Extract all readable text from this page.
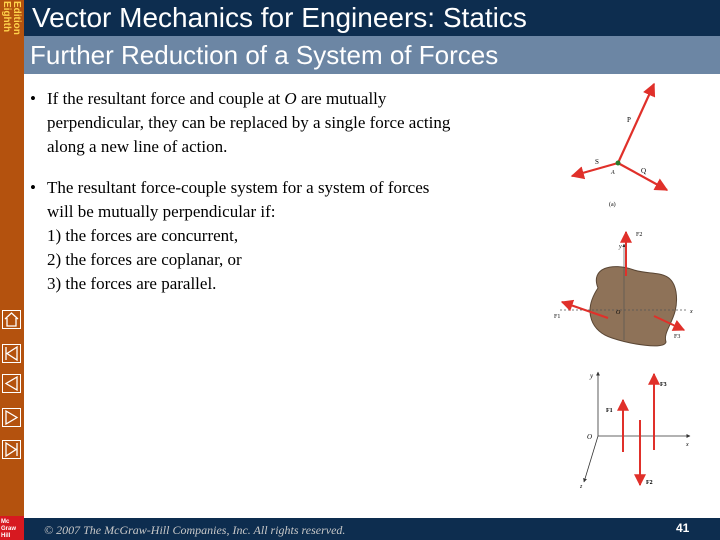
Eighth Edition Vector Mechanics for Engineers: Statics
Further Reduction of a System of Forces
• If the resultant force and couple at O are mutually
perpendicular, they can be replaced by a single force acting
along a new line of action.
• The resultant force-couple system for a system of forces
will be mutually perpendicular if:
1) the forces are concurrent,
2) the forces are coplanar, or
3) the forces are parallel.
P
S
Q
A
(a)
y
x
O
F2
F1
F3
y
x
z
O
F1
F2
F3
© 2007 The McGraw-Hill Companies, Inc. All rights reserved.	41
Mc
Graw
Hill
